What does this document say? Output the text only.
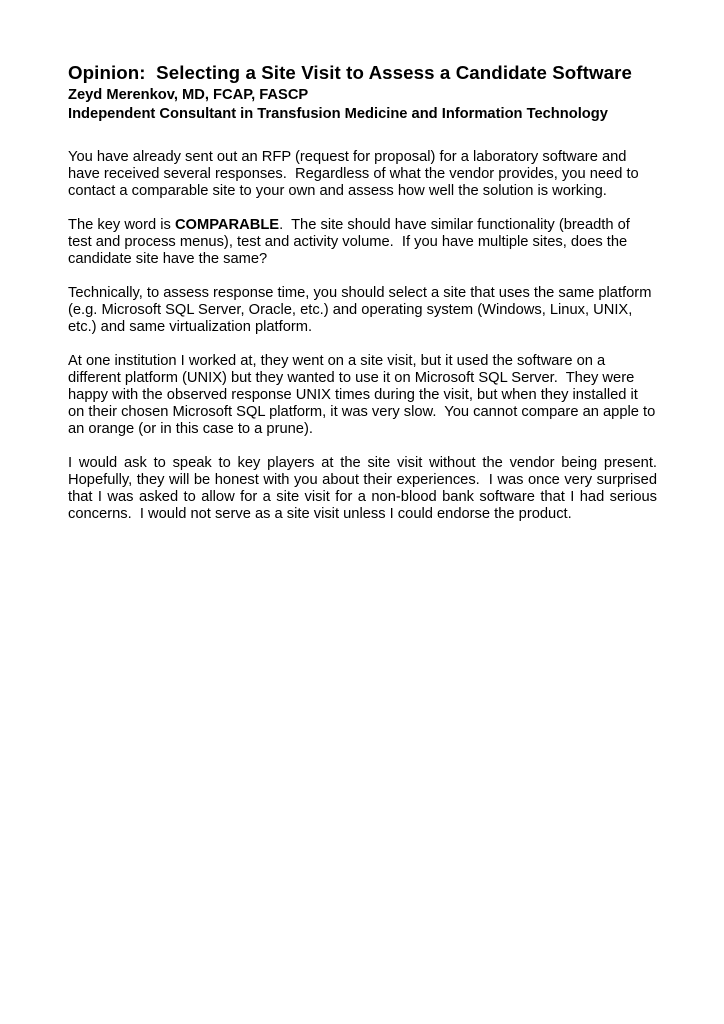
Opinion:  Selecting a Site Visit to Assess a Candidate Software

Zeyd Merenkov, MD, FCAP, FASCP

Independent Consultant in Transfusion Medicine and Information Technology

You have already sent out an RFP (request for proposal) for a laboratory software and have received several responses.  Regardless of what the vendor provides, you need to contact a comparable site to your own and assess how well the solution is working.

The key word is COMPARABLE.  The site should have similar functionality (breadth of test and process menus), test and activity volume.  If you have multiple sites, does the candidate site have the same?

Technically, to assess response time, you should select a site that uses the same platform (e.g. Microsoft SQL Server, Oracle, etc.) and operating system (Windows, Linux, UNIX, etc.) and same virtualization platform.

At one institution I worked at, they went on a site visit, but it used the software on a different platform (UNIX) but they wanted to use it on Microsoft SQL Server.  They were happy with the observed response UNIX times during the visit, but when they installed it on their chosen Microsoft SQL platform, it was very slow.  You cannot compare an apple to an orange (or in this case to a prune).

I would ask to speak to key players at the site visit without the vendor being present.  Hopefully, they will be honest with you about their experiences.  I was once very surprised that I was asked to allow for a site visit for a non-blood bank software that I had serious concerns.  I would not serve as a site visit unless I could endorse the product.
